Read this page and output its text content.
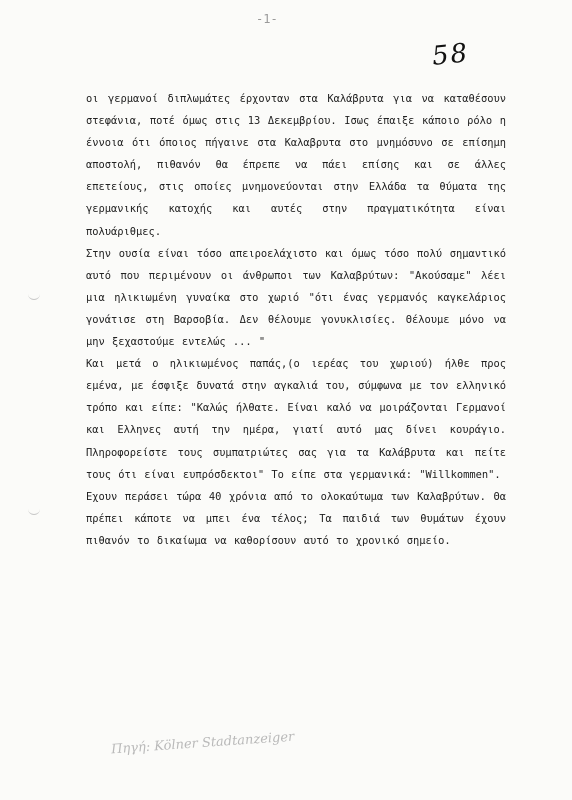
-1-
58

οι γερμανοί διπλωμάτες έρχονταν στα Καλάβρυτα για να καταθέσουν στεφάνια, ποτέ όμως στις 13 Δεκεμβρίου. Ισως έπαιξε κάποιο ρόλο η έννοια ότι όποιος πήγαινε στα Καλαβρυτα στο μνημόσυνο σε επίσημη αποστολή, πιθανόν θα έπρεπε να πάει επίσης και σε άλλες επετείους, στις οποίες μνημονεύονται στην Ελλάδα τα θύματα της γερμανικής κατοχής και αυτές στην πραγματικότητα είναι πολυάριθμες.

Στην ουσία είναι τόσο απειροελάχιστο και όμως τόσο πολύ σημαντικό αυτό που περιμένουν οι άνθρωποι των Καλαβρύτων: "Ακούσαμε" λέει μια ηλικιωμένη γυναίκα στο χωριό "ότι ένας γερμανός καγκελάριος γονάτισε στη Βαρσοβία. Δεν θέλουμε γονυκλισίες. Θέλουμε μόνο να μην ξεχαστούμε εντελώς ... "

Και μετά ο ηλικιωμένος παπάς,(ο ιερέας του χωριού) ήλθε προς εμένα, με έσφιξε δυνατά στην αγκαλιά του, σύμφωνα με τον ελληνικό τρόπο και είπε: "Καλώς ήλθατε. Είναι καλό να μοιράζονται Γερμανοί και Ελληνες αυτή την ημέρα, γιατί αυτό μας δίνει κουράγιο. Πληροφορείστε τους συμπατριώτες σας για τα Καλάβρυτα και πείτε τους ότι είναι ευπρόσδεκτοι" Το είπε στα γερμανικά: "Willkommen".

Εχουν περάσει τώρα 40 χρόνια από το ολοκαύτωμα των Καλαβρύτων. Θα πρέπει κάποτε να μπει ένα τέλος; Τα παιδιά των θυμάτων έχουν πιθανόν το δικαίωμα να καθορίσουν αυτό το χρονικό σημείο.

Πηγή: Kölner Stadtanzeiger
